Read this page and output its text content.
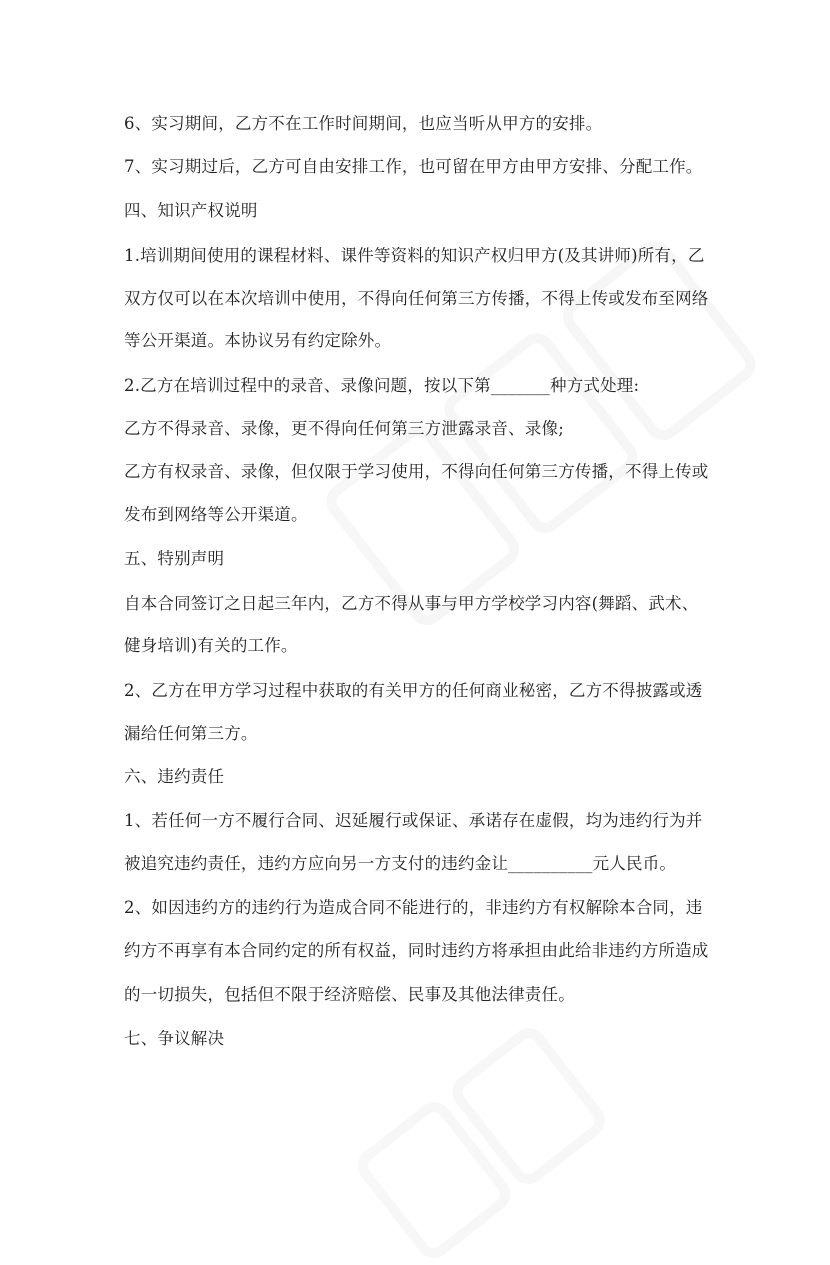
6、实习期间，乙方不在工作时间期间，也应当听从甲方的安排。
7、实习期过后，乙方可自由安排工作，也可留在甲方由甲方安排、分配工作。
四、知识产权说明
1.培训期间使用的课程材料、课件等资料的知识产权归甲方(及其讲师)所有，乙
双方仅可以在本次培训中使用，不得向任何第三方传播，不得上传或发布至网络
等公开渠道。本协议另有约定除外。
2.乙方在培训过程中的录音、录像问题，按以下第_______种方式处理:
乙方不得录音、录像，更不得向任何第三方泄露录音、录像;
乙方有权录音、录像，但仅限于学习使用，不得向任何第三方传播，不得上传或
发布到网络等公开渠道。
五、特别声明
自本合同签订之日起三年内，乙方不得从事与甲方学校学习内容(舞蹈、武术、
健身培训)有关的工作。
2、乙方在甲方学习过程中获取的有关甲方的任何商业秘密，乙方不得披露或透
漏给任何第三方。
六、违约责任
1、若任何一方不履行合同、迟延履行或保证、承诺存在虚假，均为违约行为并
被追究违约责任，违约方应向另一方支付的违约金让__________元人民币。
2、如因违约方的违约行为造成合同不能进行的，非违约方有权解除本合同，违
约方不再享有本合同约定的所有权益，同时违约方将承担由此给非违约方所造成
的一切损失，包括但不限于经济赔偿、民事及其他法律责任。
七、争议解决
